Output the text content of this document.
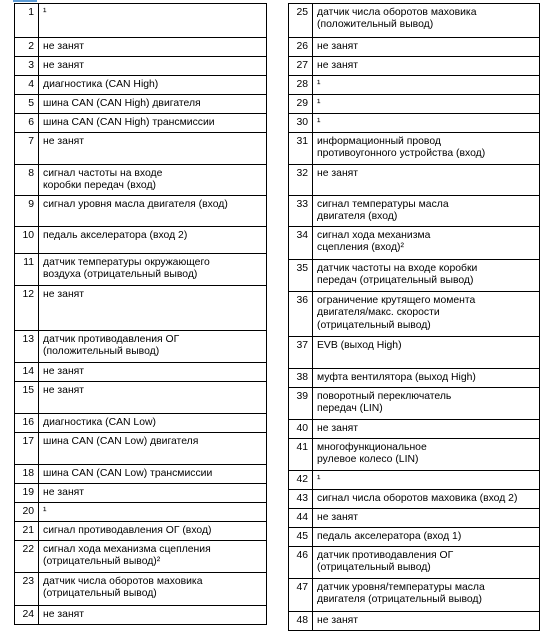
1	¹
2	не занят
3	не занят
4	диагностика (CAN High)
5	шина CAN (CAN High) двигателя
6	шина CAN (CAN High) трансмиссии
7	не занят
8	сигнал частоты на входе
коробки передач (вход)
9	сигнал уровня масла двигателя (вход)
10	педаль акселератора (вход 2)
11	датчик температуры окружающего
воздуха (отрицательный вывод)
12	не занят
13	датчик противодавления ОГ
(положительный вывод)
14	не занят
15	не занят
16	диагностика (CAN Low)
17	шина CAN (CAN Low) двигателя
18	шина CAN (CAN Low) трансмиссии
19	не занят
20	¹
21	сигнал противодавления ОГ (вход)
22	сигнал хода механизма сцепления
(отрицательный вывод)²
23	датчик числа оборотов маховика
(отрицательный вывод)
24	не занят
25	датчик числа оборотов маховика
(положительный вывод)
26	не занят
27	не занят
28	¹
29	¹
30	¹
31	информационный провод
противоугонного устройства (вход)
32	не занят
33	сигнал температуры масла
двигателя (вход)
34	сигнал хода механизма
сцепления (вход)²
35	датчик частоты на входе коробки
передач (отрицательный вывод)
36	ограничение крутящего момента
двигателя/макс. скорости
(отрицательный вывод)
37	EVB (выход High)
38	муфта вентилятора (выход High)
39	поворотный переключатель
передач (LIN)
40	не занят
41	многофункциональное
рулевое колесо (LIN)
42	¹
43	сигнал числа оборотов маховика (вход 2)
44	не занят
45	педаль акселератора (вход 1)
46	датчик противодавления ОГ
(отрицательный вывод)
47	датчик уровня/температуры масла
двигателя (отрицательный вывод)
48	не занят
